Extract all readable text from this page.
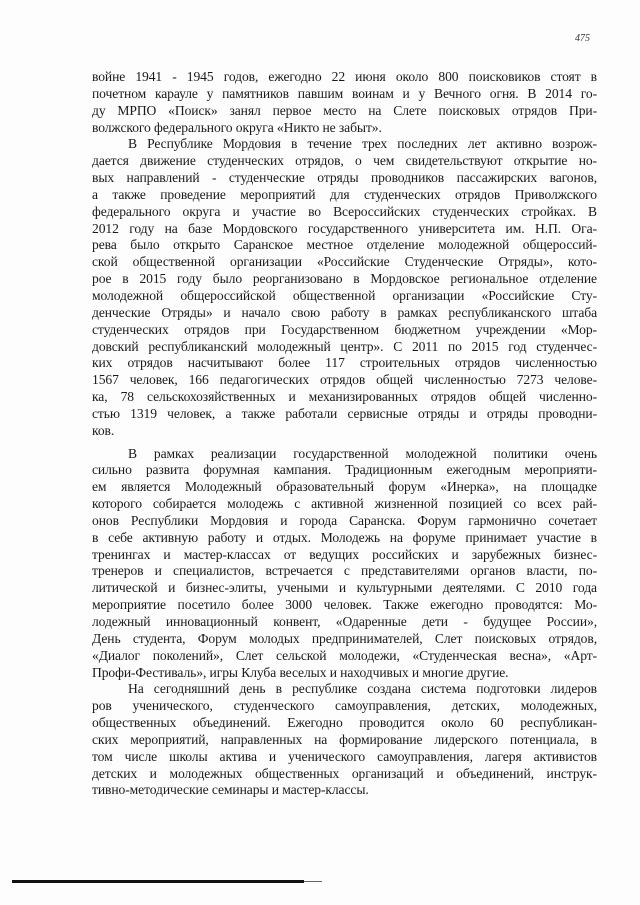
475
войне 1941 - 1945 годов, ежегодно 22 июня около 800 поисковиков стоят в
почетном карауле у памятников павшим воинам и у Вечного огня. В 2014 го-
ду МРПО «Поиск» занял первое место на Слете поисковых отрядов При-
волжского федерального округа «Никто не забыт».
В Республике Мордовия в течение трех последних лет активно возрож-
дается движение студенческих отрядов, о чем свидетельствуют открытие но-
вых направлений - студенческие отряды проводников пассажирских вагонов,
а также проведение мероприятий для студенческих отрядов Приволжского
федерального округа и участие во Всероссийских студенческих стройках. В
2012 году на базе Мордовского государственного университета им. Н.П. Ога-
рева было открыто Саранское местное отделение молодежной общероссий-
ской общественной организации «Российские Студенческие Отряды», кото-
рое в 2015 году было реорганизовано в Мордовское региональное отделение
молодежной общероссийской общественной организации «Российские Сту-
денческие Отряды» и начало свою работу в рамках республиканского штаба
студенческих отрядов при Государственном бюджетном учреждении «Мор-
довский республиканский молодежный центр». С 2011 по 2015 год студенчес-
ких отрядов насчитывают более 117 строительных отрядов численностью
1567 человек, 166 педагогических отрядов общей численностью 7273 челове-
ка, 78 сельскохозяйственных и механизированных отрядов общей численно-
стью 1319 человек, а также работали сервисные отряды и отряды проводни-
ков.
В рамках реализации государственной молодежной политики очень
сильно развита форумная кампания. Традиционным ежегодным мероприяти-
ем является Молодежный образовательный форум «Инерка», на площадке
которого собирается молодежь с активной жизненной позицией со всех рай-
онов Республики Мордовия и города Саранска. Форум гармонично сочетает
в себе активную работу и отдых. Молодежь на форуме принимает участие в
тренингах и мастер-классах от ведущих российских и зарубежных бизнес-
тренеров и специалистов, встречается с представителями органов власти, по-
литической и бизнес-элиты, учеными и культурными деятелями. С 2010 года
мероприятие посетило более 3000 человек. Также ежегодно проводятся: Мо-
лодежный инновационный конвент, «Одаренные дети - будущее России»,
День студента, Форум молодых предпринимателей, Слет поисковых отрядов,
«Диалог поколений», Слет сельской молодежи, «Студенческая весна», «Арт-
Профи-Фестиваль», игры Клуба веселых и находчивых и многие другие.
На сегодняшний день в республике создана система подготовки лидеров
ров ученического, студенческого самоуправления, детских, молодежных,
общественных объединений. Ежегодно проводится около 60 республикан-
ских мероприятий, направленных на формирование лидерского потенциала, в
том числе школы актива и ученического самоуправления, лагеря активистов
детских и молодежных общественных организаций и объединений, инструк-
тивно-методические семинары и мастер-классы.
